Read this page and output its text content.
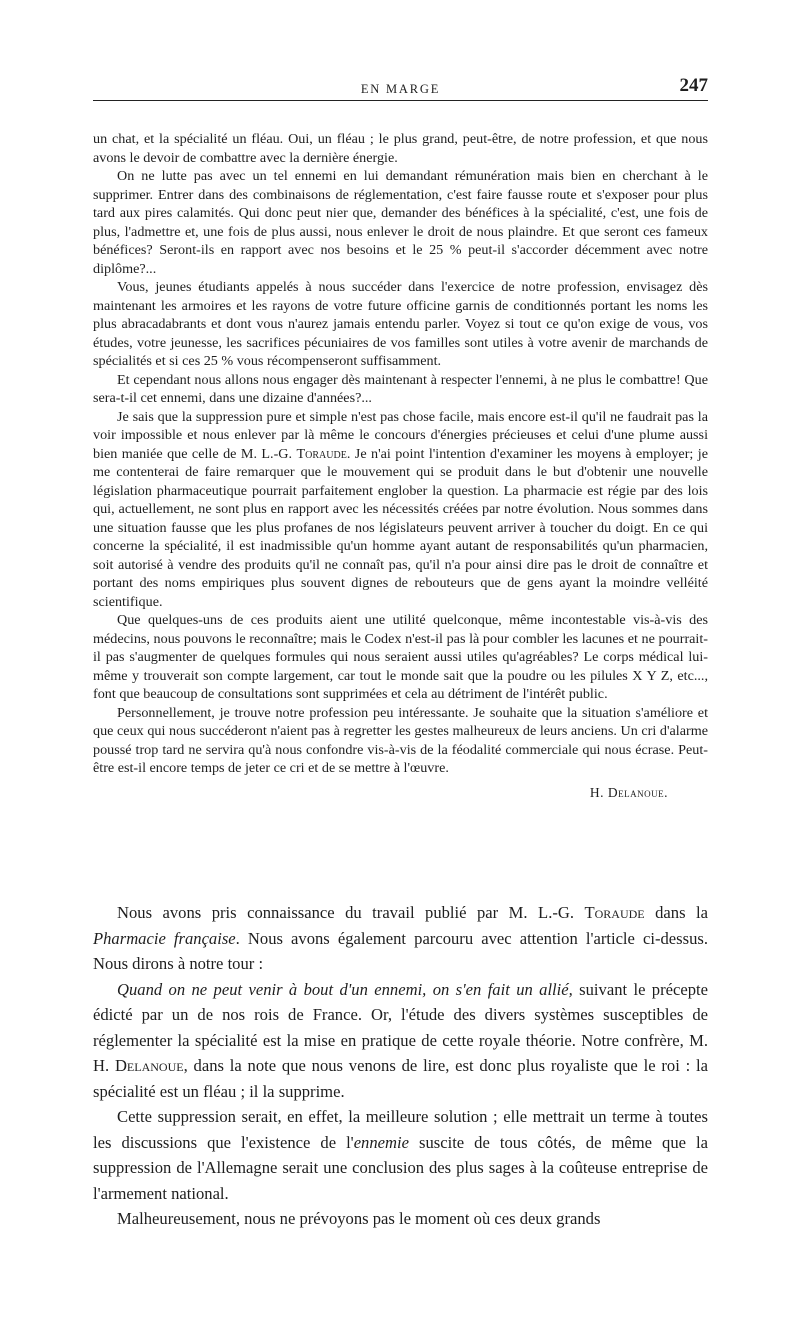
EN MARGE	247

un chat, et la spécialité un fléau. Oui, un fléau ; le plus grand, peut-être, de notre profession, et que nous avons le devoir de combattre avec la dernière énergie.

On ne lutte pas avec un tel ennemi en lui demandant rémunération mais bien en cherchant à le supprimer. Entrer dans des combinaisons de réglementation, c'est faire fausse route et s'exposer pour plus tard aux pires calamités. Qui donc peut nier que, demander des bénéfices à la spécialité, c'est, une fois de plus, l'admettre et, une fois de plus aussi, nous enlever le droit de nous plaindre. Et que seront ces fameux bénéfices? Seront-ils en rapport avec nos besoins et le 25 % peut-il s'accorder décemment avec notre diplôme?...

Vous, jeunes étudiants appelés à nous succéder dans l'exercice de notre profession, envisagez dès maintenant les armoires et les rayons de votre future officine garnis de conditionnés portant les noms les plus abracadabrants et dont vous n'aurez jamais entendu parler. Voyez si tout ce qu'on exige de vous, vos études, votre jeunesse, les sacrifices pécuniaires de vos familles sont utiles à votre avenir de marchands de spécialités et si ces 25 % vous récompenseront suffisamment.

Et cependant nous allons nous engager dès maintenant à respecter l'ennemi, à ne plus le combattre! Que sera-t-il cet ennemi, dans une dizaine d'années?...

Je sais que la suppression pure et simple n'est pas chose facile, mais encore est-il qu'il ne faudrait pas la voir impossible et nous enlever par là même le concours d'énergies précieuses et celui d'une plume aussi bien maniée que celle de M. L.-G. Toraude. Je n'ai point l'intention d'examiner les moyens à employer; je me contenterai de faire remarquer que le mouvement qui se produit dans le but d'obtenir une nouvelle législation pharmaceutique pourrait parfaitement englober la question. La pharmacie est régie par des lois qui, actuellement, ne sont plus en rapport avec les nécessités créées par notre évolution. Nous sommes dans une situation fausse que les plus profanes de nos législateurs peuvent arriver à toucher du doigt. En ce qui concerne la spécialité, il est inadmissible qu'un homme ayant autant de responsabilités qu'un pharmacien, soit autorisé à vendre des produits qu'il ne connaît pas, qu'il n'a pour ainsi dire pas le droit de connaître et portant des noms empiriques plus souvent dignes de rebouteurs que de gens ayant la moindre velléité scientifique.

Que quelques-uns de ces produits aient une utilité quelconque, même incontestable vis-à-vis des médecins, nous pouvons le reconnaître; mais le Codex n'est-il pas là pour combler les lacunes et ne pourrait-il pas s'augmenter de quelques formules qui nous seraient aussi utiles qu'agréables? Le corps médical lui-même y trouverait son compte largement, car tout le monde sait que la poudre ou les pilules X Y Z, etc..., font que beaucoup de consultations sont supprimées et cela au détriment de l'intérêt public.

Personnellement, je trouve notre profession peu intéressante. Je souhaite que la situation s'améliore et que ceux qui nous succéderont n'aient pas à regretter les gestes malheureux de leurs anciens. Un cri d'alarme poussé trop tard ne servira qu'à nous confondre vis-à-vis de la féodalité commerciale qui nous écrase. Peut-être est-il encore temps de jeter ce cri et de se mettre à l'œuvre.

H. Delanoue.

Nous avons pris connaissance du travail publié par M. L.-G. Toraude dans la Pharmacie française. Nous avons également parcouru avec attention l'article ci-dessus. Nous dirons à notre tour :

Quand on ne peut venir à bout d'un ennemi, on s'en fait un allié, suivant le précepte édicté par un de nos rois de France. Or, l'étude des divers systèmes susceptibles de réglementer la spécialité est la mise en pratique de cette royale théorie. Notre confrère, M. H. Delanoue, dans la note que nous venons de lire, est donc plus royaliste que le roi : la spécialité est un fléau ; il la supprime.

Cette suppression serait, en effet, la meilleure solution ; elle mettrait un terme à toutes les discussions que l'existence de l'ennemie suscite de tous côtés, de même que la suppression de l'Allemagne serait une conclusion des plus sages à la coûteuse entreprise de l'armement national.

Malheureusement, nous ne prévoyons pas le moment où ces deux grands
